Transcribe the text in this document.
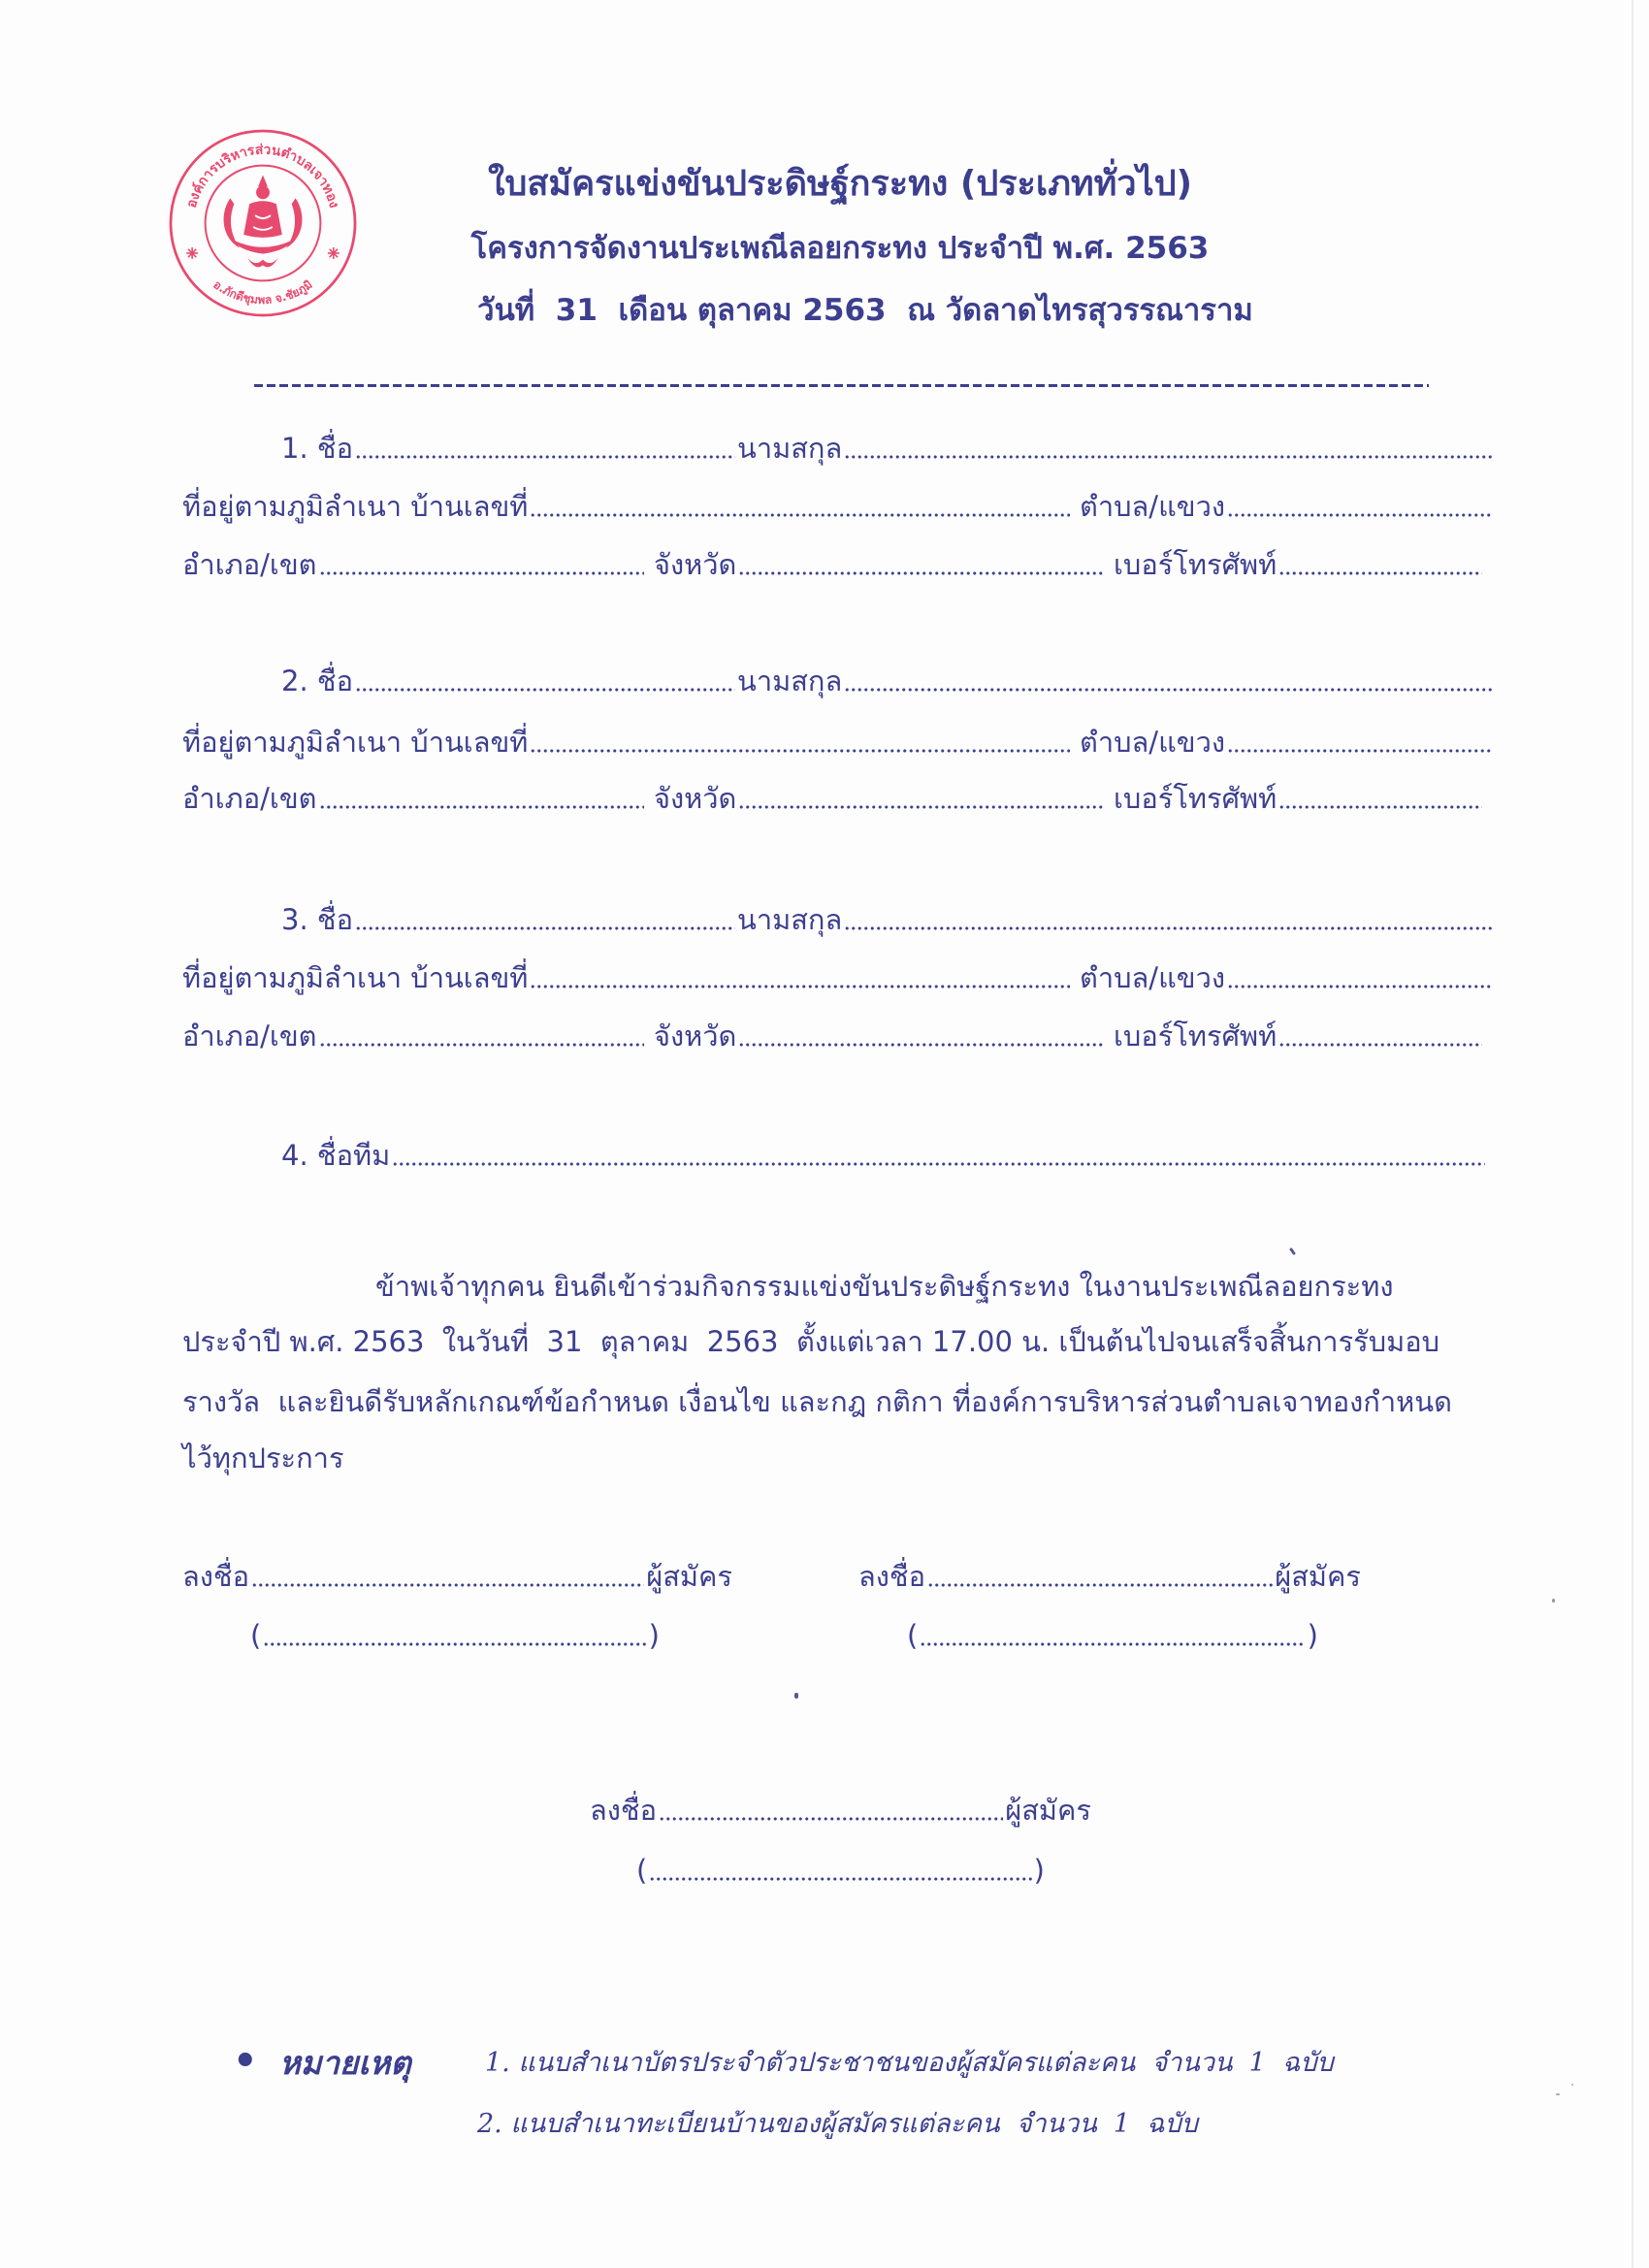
องค์การบริหารส่วนตำบลเจาทอง
อ.ภักดีชุมพล จ.ชัยภูมิ
ใบสมัครแข่งขันประดิษฐ์กระทง (ประเภททั่วไป)
โครงการจัดงานประเพณีลอยกระทง ประจำปี พ.ศ. 2563
วันที่  31  เดือน ตุลาคม 2563  ณ วัดลาดไทรสุวรรณาราม
1. ชื่อ	นามสกุล
ที่อยู่ตามภูมิลำเนา บ้านเลขที่	ตำบล/แขวง
อำเภอ/เขต	จังหวัด	เบอร์โทรศัพท์
2. ชื่อ	นามสกุล
ที่อยู่ตามภูมิลำเนา บ้านเลขที่	ตำบล/แขวง
อำเภอ/เขต	จังหวัด	เบอร์โทรศัพท์
3. ชื่อ	นามสกุล
ที่อยู่ตามภูมิลำเนา บ้านเลขที่	ตำบล/แขวง
อำเภอ/เขต	จังหวัด	เบอร์โทรศัพท์
4. ชื่อทีม
ข้าพเจ้าทุกคน ยินดีเข้าร่วมกิจกรรมแข่งขันประดิษฐ์กระทง ในงานประเพณีลอยกระทง
ประจำปี พ.ศ. 2563  ในวันที่  31  ตุลาคม  2563  ตั้งแต่เวลา 17.00 น. เป็นต้นไปจนเสร็จสิ้นการรับมอบ
รางวัล  และยินดีรับหลักเกณฑ์ข้อกำหนด เงื่อนไข และกฎ กติกา ที่องค์การบริหารส่วนตำบลเจาทองกำหนด
ไว้ทุกประการ
ลงชื่อ	ผู้สมัคร	ลงชื่อ	ผู้สมัคร
(	)	(	)
ลงชื่อ	ผู้สมัคร
(	)
• หมายเหตุ	1. แนบสำเนาบัตรประจำตัวประชาชนของผู้สมัครแต่ละคน  จำนวน  1  ฉบับ
2. แนบสำเนาทะเบียนบ้านของผู้สมัครแต่ละคน  จำนวน  1  ฉบับ
